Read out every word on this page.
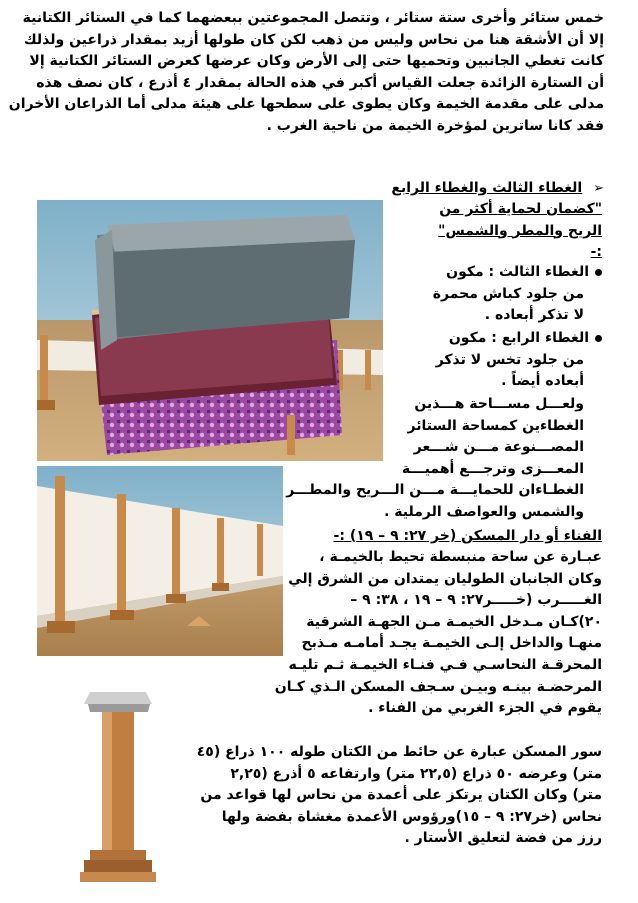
خمس ستائر وأخرى ستة ستائر ، وتتصل المجموعتين ببعضهما كما في الستائر الكتانية
إلا أن الأشقة هنا من نحاس وليس من ذهب لكن كان طولها أزيد بمقدار ذراعين ولذلك
كانت تغطي الجانبين وتحميها حتى إلى الأرض وكان عرضها كعرض الستائر الكتانية إلا
أن الستارة الزائدة جعلت القياس أكبر في هذه الحالة بمقدار ٤ أذرع ، كان نصف هذه
مدلى على مقدمة الخيمة وكان يطوى على سطحها على هيئة مدلى أما الذراعان الأخران
فقد كانا ساترين لمؤخرة الخيمة من ناحية الغرب .
➢ الغطاء الثالث والغطاء الرابع
"كضمان لحماية أكثر من
الريح والمطر والشمس"
:-
الغطاء الثالث : مكون
من جلود كباش محمرة
لا تذكر أبعاده .
الغطاء الرابع : مكون
من جلود تخس لا تذكر
أبعاده أيضاً .
ولعـــل مســـاحة هـــذين
الغطاءين كمساحة الستائر
المصـــنوعة مـــن شـــعر
المعـــزى وترجـــع أهميـــة
الغطـاءان للحمايـــة مـــن الـــريح والمطـــر
والشمس والعواصف الرملية .
الفناء أو دار المسكن (خر ٢٧: ٩ – ١٩) :-
عبـارة عن ساحة منبسطة تحيط بالخيمـة ،
وكان الجانبان الطوليان يمتدان من الشرق إلي
الغـــــرب (خـــــر٢٧: ٩ – ١٩ ، ٣٨: ٩ –
٢٠)كـان مـدخل الخيمـة مـن الجهـة الشرقية
منهـا والداخل إلـى الخيمـة يجـد أمامـه مـذبح
المحرقـة النحاسـي فـي فنـاء الخيمـة ثـم تليـه
المرحضـة بينـه وبيـن سـجف المسكن الـذي كـان
يقوم في الجزء الغربي من الفناء .
سور المسكن عبارة عن حائط من الكتان طوله ١٠٠ ذراع (٤٥
متر) وعرضه ٥٠ ذراع (٢٢,٥ متر) وارتفاعه ٥ أذرع (٢,٢٥
متر) وكان الكتان يرتكز على أعمدة من نحاس لها قواعد من
نحاس (خر٢٧: ٩ – ١٥)ورؤوس الأعمدة مغشاة بفضة ولها
رزز من فضة لتعليق الأستار .
